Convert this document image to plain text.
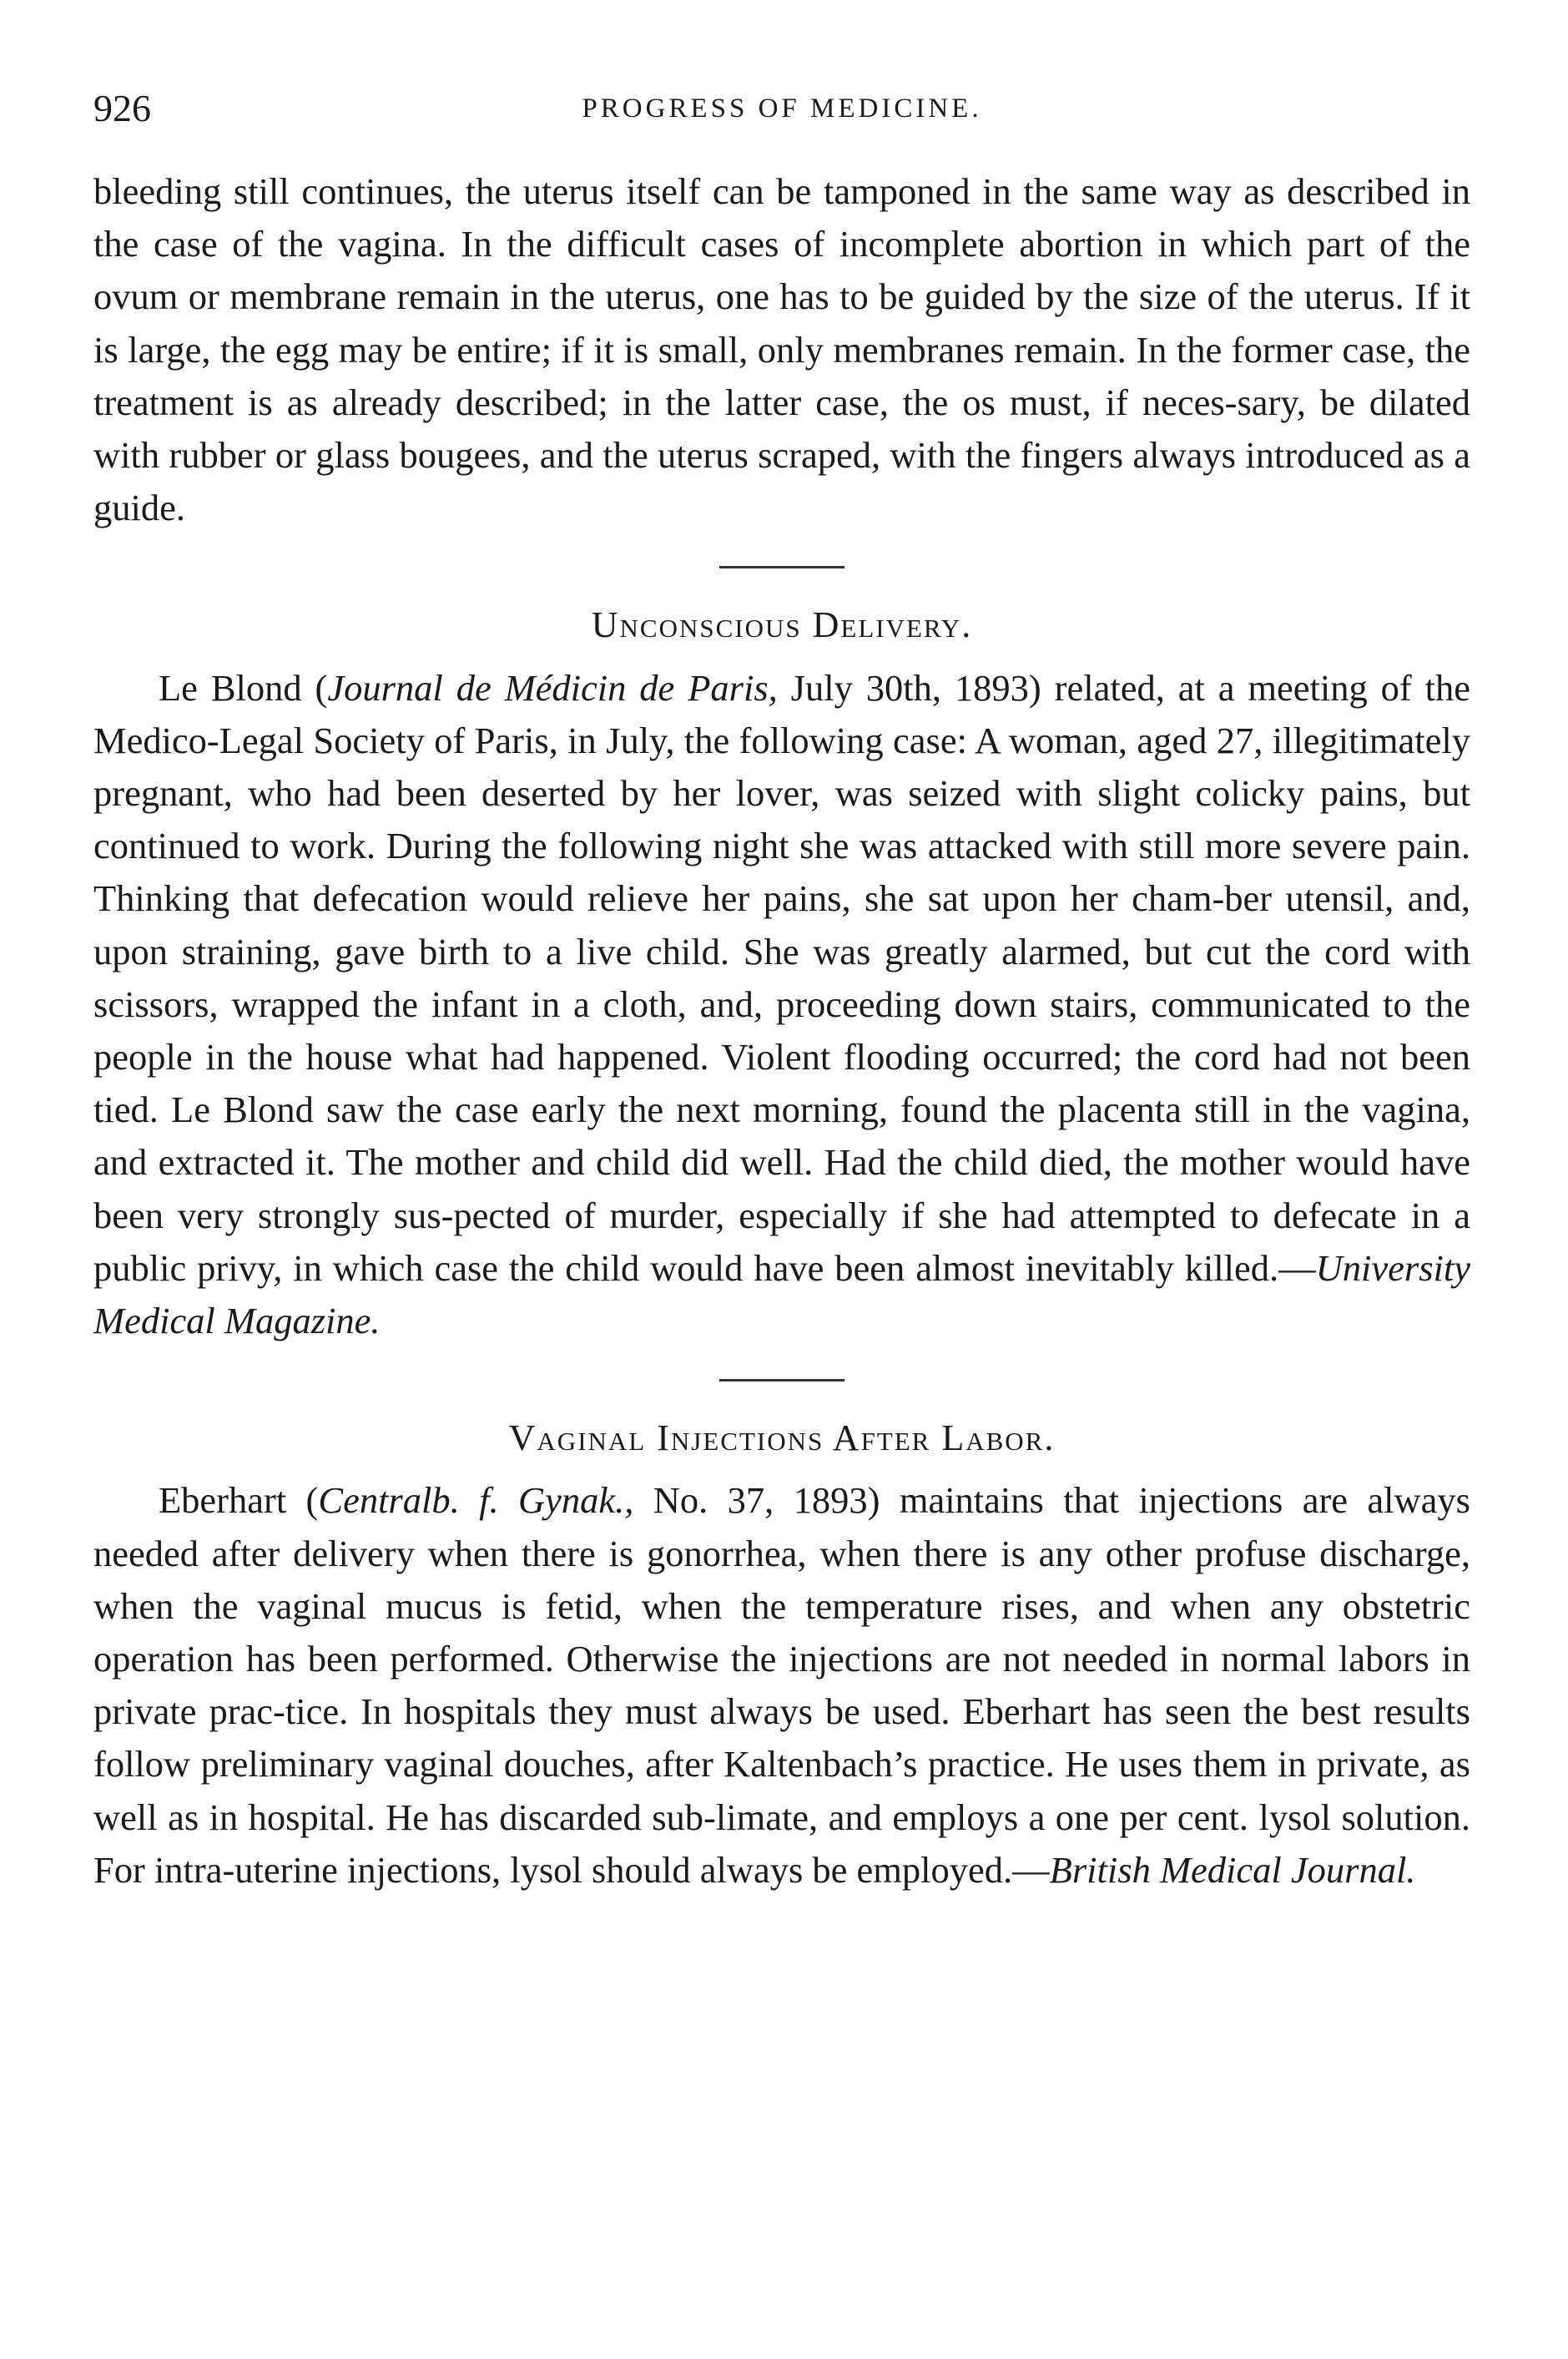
926	PROGRESS OF MEDICINE.

bleeding still continues, the uterus itself can be tamponed in the same way as described in the case of the vagina. In the difficult cases of incomplete abortion in which part of the ovum or membrane remain in the uterus, one has to be guided by the size of the uterus. If it is large, the egg may be entire; if it is small, only membranes remain. In the former case, the treatment is as already described; in the latter case, the os must, if neces-sary, be dilated with rubber or glass bougees, and the uterus scraped, with the fingers always introduced as a guide.

Unconscious Delivery.

Le Blond (Journal de Médicin de Paris, July 30th, 1893) related, at a meeting of the Medico-Legal Society of Paris, in July, the following case: A woman, aged 27, illegitimately pregnant, who had been deserted by her lover, was seized with slight colicky pains, but continued to work. During the following night she was attacked with still more severe pain. Thinking that defecation would relieve her pains, she sat upon her cham-ber utensil, and, upon straining, gave birth to a live child. She was greatly alarmed, but cut the cord with scissors, wrapped the infant in a cloth, and, proceeding down stairs, communicated to the people in the house what had happened. Violent flooding occurred; the cord had not been tied. Le Blond saw the case early the next morning, found the placenta still in the vagina, and extracted it. The mother and child did well. Had the child died, the mother would have been very strongly sus-pected of murder, especially if she had attempted to defecate in a public privy, in which case the child would have been almost inevitably killed.—University Medical Magazine.

Vaginal Injections After Labor.

Eberhart (Centralb. f. Gynak., No. 37, 1893) maintains that injections are always needed after delivery when there is gonorrhea, when there is any other profuse discharge, when the vaginal mucus is fetid, when the temperature rises, and when any obstetric operation has been performed. Otherwise the injections are not needed in normal labors in private prac-tice. In hospitals they must always be used. Eberhart has seen the best results follow preliminary vaginal douches, after Kaltenbach’s practice. He uses them in private, as well as in hospital. He has discarded sub-limate, and employs a one per cent. lysol solution. For intra-uterine injections, lysol should always be employed.—British Medical Journal.
